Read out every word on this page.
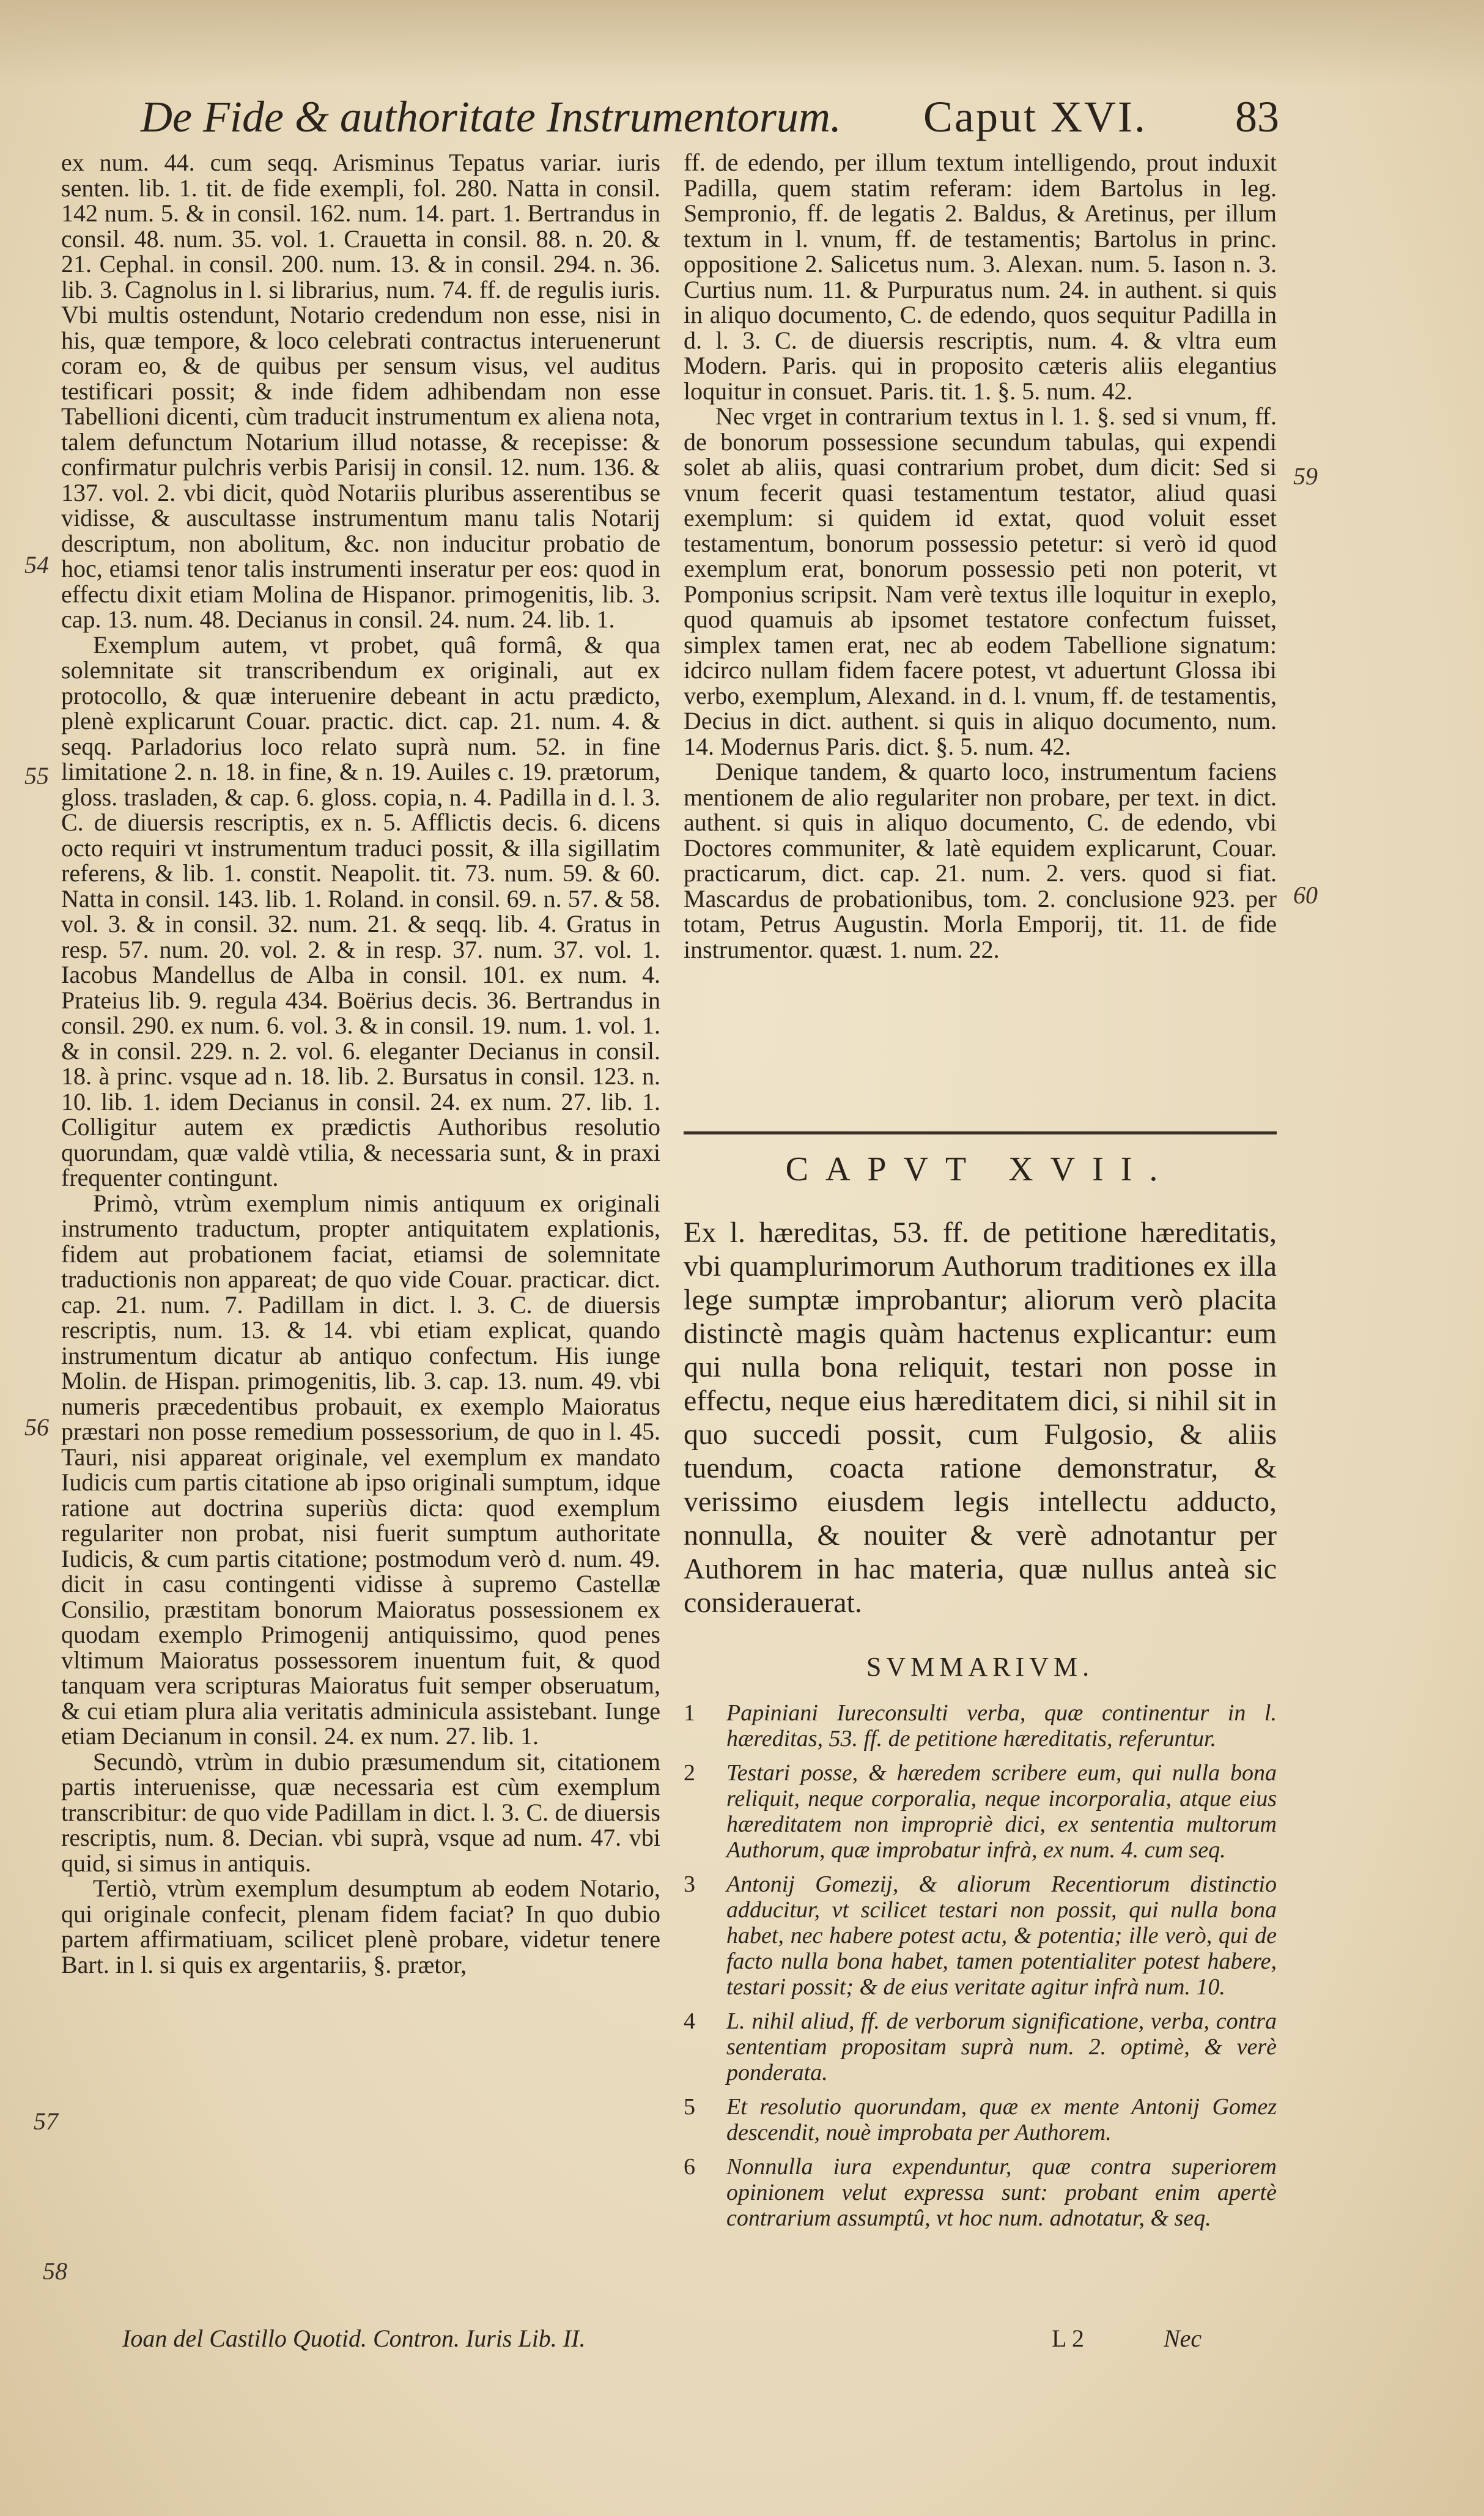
De Fide & authoritate Instrumentorum. Caput XVI. 83

ex num. 44. cum seqq. Arisminus Tepatus variar. iuris senten. lib. 1. tit. de fide exempli, fol. 280. Natta in consil. 142 num. 5. & in consil. 162. num. 14. part. 1. Bertrandus in consil. 48. num. 35. vol. 1. Crauetta in consil. 88. n. 20. & 21. Cephal. in consil. 200. num. 13. & in consil. 294. n. 36. lib. 3. Cagnolus in l. si librarius, num. 74. ff. de regulis iuris. Vbi multis ostendunt, Notario credendum non esse, nisi in his, quæ tempore, & loco celebrati contractus interuenerunt coram eo, & de quibus per sensum visus, vel auditus testificari possit; & inde fidem adhibendam non esse Tabellioni dicenti, cùm traducit instrumentum ex aliena nota, talem defunctum Notarium illud notasse, & recepisse: & confirmatur pulchris verbis Parisij in consil. 12. num. 136. & 137. vol. 2. vbi dicit, quòd Notariis pluribus asserentibus se vidisse, & auscultasse instrumentum manu talis Notarij descriptum, non abolitum, &c. non inducitur probatio de hoc, etiamsi tenor talis instrumenti inseratur per eos: quod in effectu dixit etiam Molina de Hispanor. primogenitis, lib. 3. cap. 13. num. 48. Decianus in consil. 24. num. 24. lib. 1.

Exemplum autem, vt probet, quâ formâ, & qua solemnitate sit transcribendum ex originali, aut ex protocollo, & quæ interuenire debeant in actu prædicto, plenè explicarunt Couar. practic. dict. cap. 21. num. 4. & seqq. Parladorius loco relato suprà num. 52. in fine limitatione 2. n. 18. in fine, & n. 19. Auiles c. 19. prætorum, gloss. trasladen, & cap. 6. gloss. copia, n. 4. Padilla in d. l. 3. C. de diuersis rescriptis, ex n. 5. Afflictis decis. 6. dicens octo requiri vt instrumentum traduci possit, & illa sigillatim referens, & lib. 1. constit. Neapolit. tit. 73. num. 59. & 60. Natta in consil. 143. lib. 1. Roland. in consil. 69. n. 57. & 58. vol. 3. & in consil. 32. num. 21. & seqq. lib. 4. Gratus in resp. 57. num. 20. vol. 2. & in resp. 37. num. 37. vol. 1. Iacobus Mandellus de Alba in consil. 101. ex num. 4. Prateius lib. 9. regula 434. Boërius decis. 36. Bertrandus in consil. 290. ex num. 6. vol. 3. & in consil. 19. num. 1. vol. 1. & in consil. 229. n. 2. vol. 6. eleganter Decianus in consil. 18. à princ. vsque ad n. 18. lib. 2. Bursatus in consil. 123. n. 10. lib. 1. idem Decianus in consil. 24. ex num. 27. lib. 1. Colligitur autem ex prædictis Authoribus resolutio quorundam, quæ valdè vtilia, & necessaria sunt, & in praxi frequenter contingunt.

Primò, vtrùm exemplum nimis antiquum ex originali instrumento traductum, propter antiquitatem explationis, fidem aut probationem faciat, etiamsi de solemnitate traductionis non appareat; de quo vide Couar. practicar. dict. cap. 21. num. 7. Padillam in dict. l. 3. C. de diuersis rescriptis, num. 13. & 14. vbi etiam explicat, quando instrumentum dicatur ab antiquo confectum. His iunge Molin. de Hispan. primogenitis, lib. 3. cap. 13. num. 49. vbi numeris præcedentibus probauit, ex exemplo Maioratus præstari non posse remedium possessorium, de quo in l. 45. Tauri, nisi appareat originale, vel exemplum ex mandato Iudicis cum partis citatione ab ipso originali sumptum, idque ratione aut doctrina superiùs dicta: quod exemplum regulariter non probat, nisi fuerit sumptum authoritate Iudicis, & cum partis citatione; postmodum verò d. num. 49. dicit in casu contingenti vidisse à supremo Castellæ Consilio, præstitam bonorum Maioratus possessionem ex quodam exemplo Primogenij antiquissimo, quod penes vltimum Maioratus possessorem inuentum fuit, & quod tanquam vera scripturas Maioratus fuit semper obseruatum, & cui etiam plura alia veritatis adminicula assistebant. Iunge etiam Decianum in consil. 24. ex num. 27. lib. 1.

Secundò, vtrùm in dubio præsumendum sit, citationem partis interuenisse, quæ necessaria est cùm exemplum transcribitur: de quo vide Padillam in dict. l. 3. C. de diuersis rescriptis, num. 8. Decian. vbi suprà, vsque ad num. 47. vbi quid, si simus in antiquis.

Tertiò, vtrùm exemplum desumptum ab eodem Notario, qui originale confecit, plenam fidem faciat? In quo dubio partem affirmatiuam, scilicet plenè probare, videtur tenere Bart. in l. si quis ex argentariis, §. prætor,

54
55
56
57
58

ff. de edendo, per illum textum intelligendo, prout induxit Padilla, quem statim referam: idem Bartolus in leg. Sempronio, ff. de legatis 2. Baldus, & Aretinus, per illum textum in l. vnum, ff. de testamentis; Bartolus in princ. oppositione 2. Salicetus num. 3. Alexan. num. 5. Iason n. 3. Curtius num. 11. & Purpuratus num. 24. in authent. si quis in aliquo documento, C. de edendo, quos sequitur Padilla in d. l. 3. C. de diuersis rescriptis, num. 4. & vltra eum Modern. Paris. qui in proposito cæteris aliis elegantius loquitur in consuet. Paris. tit. 1. §. 5. num. 42.

Nec vrget in contrarium textus in l. 1. §. sed si vnum, ff. de bonorum possessione secundum tabulas, qui expendi solet ab aliis, quasi contrarium probet, dum dicit: Sed si vnum fecerit quasi testamentum testator, aliud quasi exemplum: si quidem id extat, quod voluit esset testamentum, bonorum possessio petetur: si verò id quod exemplum erat, bonorum possessio peti non poterit, vt Pomponius scripsit. Nam verè textus ille loquitur in exeplo, quod quamuis ab ipsomet testatore confectum fuisset, simplex tamen erat, nec ab eodem Tabellione signatum: idcirco nullam fidem facere potest, vt aduertunt Glossa ibi verbo, exemplum, Alexand. in d. l. vnum, ff. de testamentis, Decius in dict. authent. si quis in aliquo documento, num. 14. Modernus Paris. dict. §. 5. num. 42.

Denique tandem, & quarto loco, instrumentum faciens mentionem de alio regulariter non probare, per text. in dict. authent. si quis in aliquo documento, C. de edendo, vbi Doctores communiter, & latè equidem explicarunt, Couar. practicarum, dict. cap. 21. num. 2. vers. quod si fiat. Mascardus de probationibus, tom. 2. conclusione 923. per totam, Petrus Augustin. Morla Emporij, tit. 11. de fide instrumentor. quæst. 1. num. 22.

59
60
CAPVT XVII.
Ex l. hæreditas, 53. ff. de petitione hæreditatis, vbi quamplurimorum Authorum traditiones ex illa lege sumptæ improbantur; aliorum verò placita distinctè magis quàm hactenus explicantur: eum qui nulla bona reliquit, testari non posse in effectu, neque eius hæreditatem dici, si nihil sit in quo succedi possit, cum Fulgosio, & aliis tuendum, coacta ratione demonstratur, & verissimo eiusdem legis intellectu adducto, nonnulla, & nouiter & verè adnotantur per Authorem in hac materia, quæ nullus anteà sic considerauerat.
SVMMARIVM.
1 Papiniani Iureconsulti verba, quæ continentur in l. hæreditas, 53. ff. de petitione hæreditatis, referuntur.
2 Testari posse, & hæredem scribere eum, qui nulla bona reliquit, neque corporalia, neque incorporalia, atque eius hæreditatem non impropriè dici, ex sententia multorum Authorum, quæ improbatur infrà, ex num. 4. cum seq.
3 Antonij Gomezij, & aliorum Recentiorum distinctio adducitur, vt scilicet testari non possit, qui nulla bona habet, nec habere potest actu, & potentia; ille verò, qui de facto nulla bona habet, tamen potentialiter potest habere, testari possit; & de eius veritate agitur infrà num. 10.
4 L. nihil aliud, ff. de verborum significatione, verba, contra sententiam propositam suprà num. 2. optimè, & verè ponderata.
5 Et resolutio quorundam, quæ ex mente Antonij Gomez descendit, nouè improbata per Authorem.
6 Nonnulla iura expenduntur, quæ contra superiorem opinionem velut expressa sunt: probant enim apertè contrarium assumptû, vt hoc num. adnotatur, & seq.
Ioan del Castillo Quotid. Contron. Iuris Lib. II.	L 2	Nec
